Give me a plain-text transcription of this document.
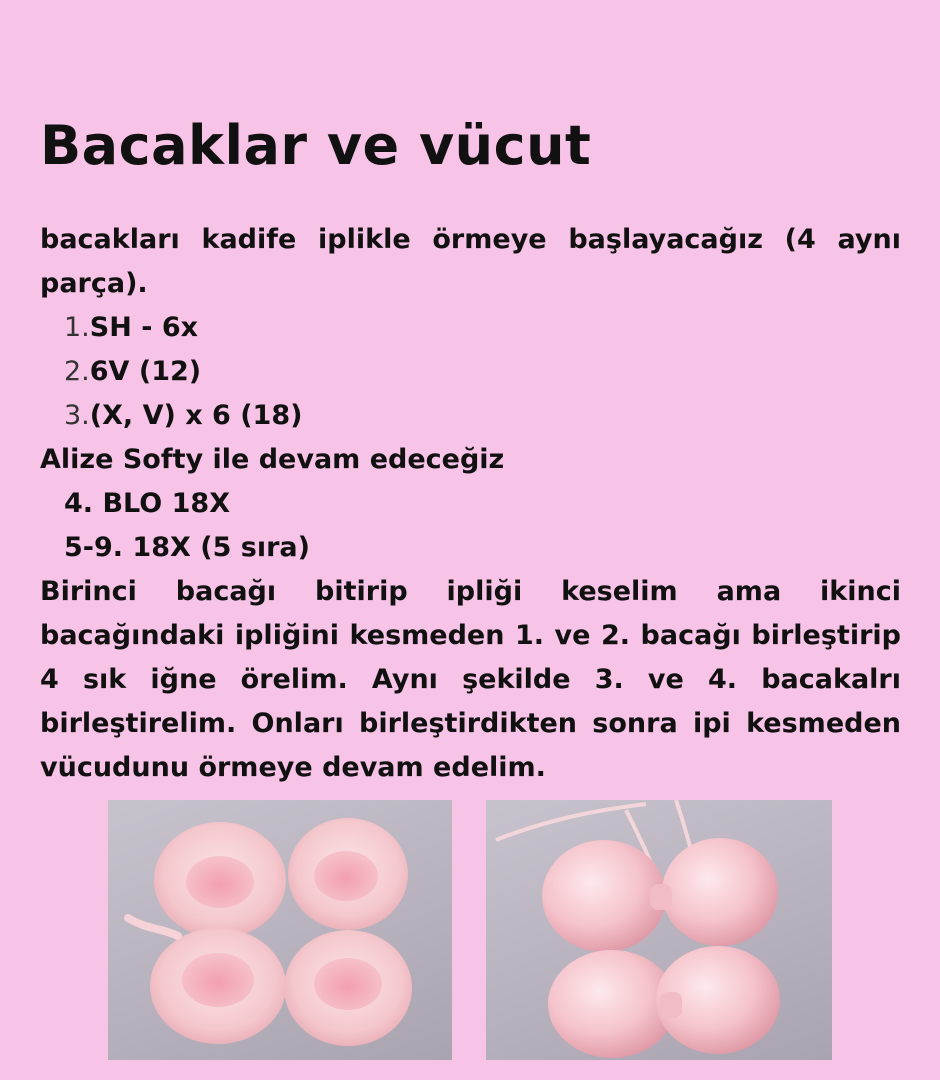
Bacaklar ve vücut

bacakları kadife iplikle örmeye başlayacağız (4 aynı parça).

1.SH - 6x

2.6V (12)

3.(X, V) x 6 (18)

Alize Softy ile devam edeceğiz

4. BLO 18X

5-9. 18X (5 sıra)

Birinci bacağı bitirip ipliği keselim ama ikinci bacağındaki ipliğini kesmeden 1. ve 2. bacağı birleştirip 4 sık iğne örelim. Aynı şekilde 3. ve 4. bacakalrı birleştirelim. Onları birleştirdikten sonra ipi kesmeden vücudunu örmeye devam edelim.
